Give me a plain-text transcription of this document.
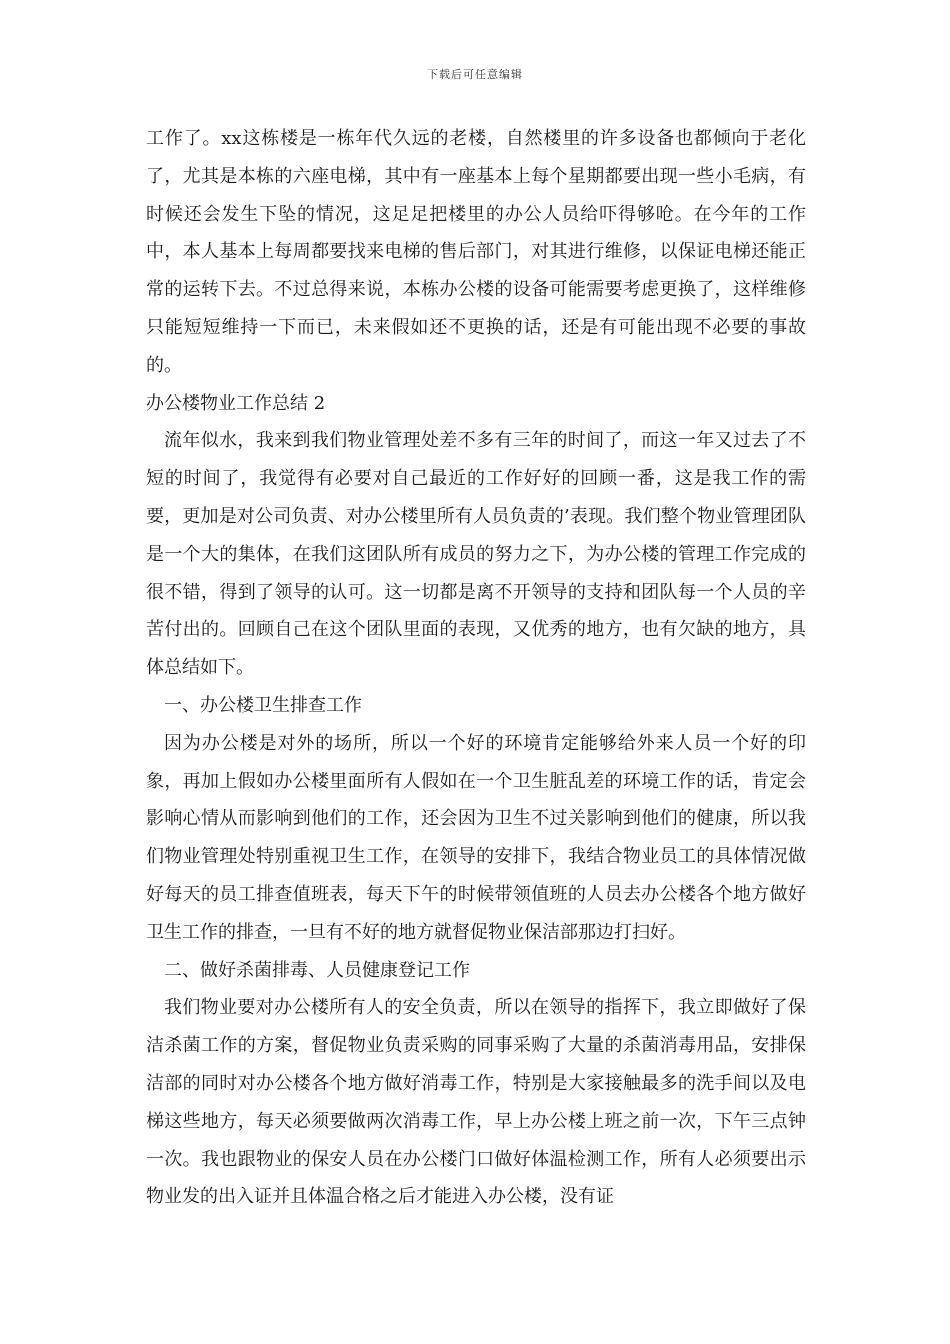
下载后可任意编辑

工作了。xx这栋楼是一栋年代久远的老楼，自然楼里的许多设备也都倾向于老化了，尤其是本栋的六座电梯，其中有一座基本上每个星期都要出现一些小毛病，有时候还会发生下坠的情况，这足足把楼里的办公人员给吓得够呛。在今年的工作中，本人基本上每周都要找来电梯的售后部门，对其进行维修，以保证电梯还能正常的运转下去。不过总得来说，本栋办公楼的设备可能需要考虑更换了，这样维修只能短短维持一下而已，未来假如还不更换的话，还是有可能出现不必要的事故的。

办公楼物业工作总结 2

流年似水，我来到我们物业管理处差不多有三年的时间了，而这一年又过去了不短的时间了，我觉得有必要对自己最近的工作好好的回顾一番，这是我工作的需要，更加是对公司负责、对办公楼里所有人员负责的’表现。我们整个物业管理团队是一个大的集体，在我们这团队所有成员的努力之下，为办公楼的管理工作完成的很不错，得到了领导的认可。这一切都是离不开领导的支持和团队每一个人员的辛苦付出的。回顾自己在这个团队里面的表现，又优秀的地方，也有欠缺的地方，具体总结如下。

一、办公楼卫生排查工作

因为办公楼是对外的场所，所以一个好的环境肯定能够给外来人员一个好的印象，再加上假如办公楼里面所有人假如在一个卫生脏乱差的环境工作的话，肯定会影响心情从而影响到他们的工作，还会因为卫生不过关影响到他们的健康，所以我们物业管理处特别重视卫生工作，在领导的安排下，我结合物业员工的具体情况做好每天的员工排查值班表，每天下午的时候带领值班的人员去办公楼各个地方做好卫生工作的排查，一旦有不好的地方就督促物业保洁部那边打扫好。

二、做好杀菌排毒、人员健康登记工作

我们物业要对办公楼所有人的安全负责，所以在领导的指挥下，我立即做好了保洁杀菌工作的方案，督促物业负责采购的同事采购了大量的杀菌消毒用品，安排保洁部的同时对办公楼各个地方做好消毒工作，特别是大家接触最多的洗手间以及电梯这些地方，每天必须要做两次消毒工作，早上办公楼上班之前一次，下午三点钟一次。我也跟物业的保安人员在办公楼门口做好体温检测工作，所有人必须要出示物业发的出入证并且体温合格之后才能进入办公楼，没有证
